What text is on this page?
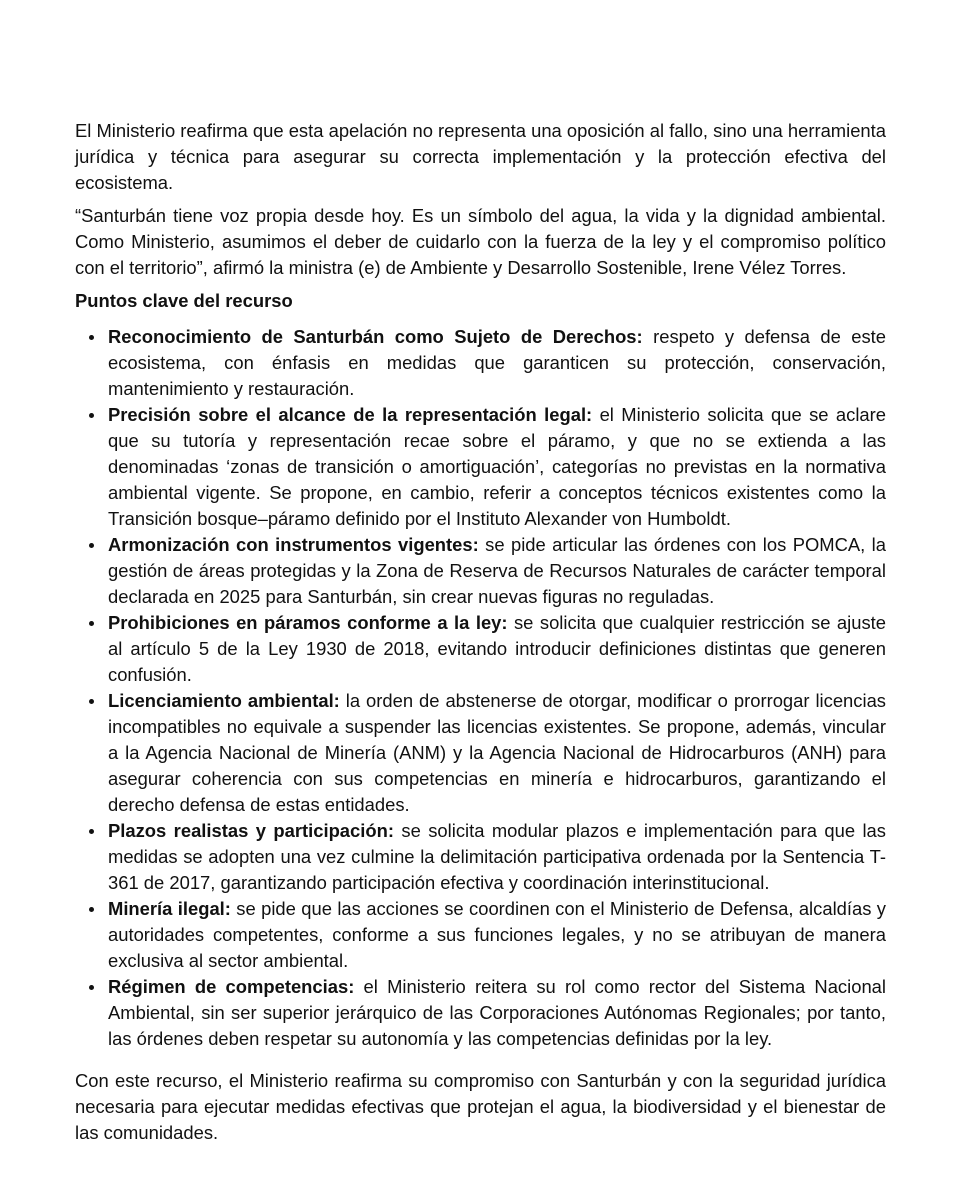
El Ministerio reafirma que esta apelación no representa una oposición al fallo, sino una herramienta jurídica y técnica para asegurar su correcta implementación y la protección efectiva del ecosistema.

“Santurbán tiene voz propia desde hoy. Es un símbolo del agua, la vida y la dignidad ambiental. Como Ministerio, asumimos el deber de cuidarlo con la fuerza de la ley y el compromiso político con el territorio”, afirmó la ministra (e) de Ambiente y Desarrollo Sostenible, Irene Vélez Torres.

Puntos clave del recurso
Reconocimiento de Santurbán como Sujeto de Derechos: respeto y defensa de este ecosistema, con énfasis en medidas que garanticen su protección, conservación, mantenimiento y restauración.
Precisión sobre el alcance de la representación legal: el Ministerio solicita que se aclare que su tutoría y representación recae sobre el páramo, y que no se extienda a las denominadas ‘zonas de transición o amortiguación’, categorías no previstas en la normativa ambiental vigente. Se propone, en cambio, referir a conceptos técnicos existentes como la Transición bosque–páramo definido por el Instituto Alexander von Humboldt.
Armonización con instrumentos vigentes: se pide articular las órdenes con los POMCA, la gestión de áreas protegidas y la Zona de Reserva de Recursos Naturales de carácter temporal declarada en 2025 para Santurbán, sin crear nuevas figuras no reguladas.
Prohibiciones en páramos conforme a la ley: se solicita que cualquier restricción se ajuste al artículo 5 de la Ley 1930 de 2018, evitando introducir definiciones distintas que generen confusión.
Licenciamiento ambiental: la orden de abstenerse de otorgar, modificar o prorrogar licencias incompatibles no equivale a suspender las licencias existentes. Se propone, además, vincular a la Agencia Nacional de Minería (ANM) y la Agencia Nacional de Hidrocarburos (ANH) para asegurar coherencia con sus competencias en minería e hidrocarburos, garantizando el derecho defensa de estas entidades.
Plazos realistas y participación: se solicita modular plazos e implementación para que las medidas se adopten una vez culmine la delimitación participativa ordenada por la Sentencia T-361 de 2017, garantizando participación efectiva y coordinación interinstitucional.
Minería ilegal: se pide que las acciones se coordinen con el Ministerio de Defensa, alcaldías y autoridades competentes, conforme a sus funciones legales, y no se atribuyan de manera exclusiva al sector ambiental.
Régimen de competencias: el Ministerio reitera su rol como rector del Sistema Nacional Ambiental, sin ser superior jerárquico de las Corporaciones Autónomas Regionales; por tanto, las órdenes deben respetar su autonomía y las competencias definidas por la ley.

Con este recurso, el Ministerio reafirma su compromiso con Santurbán y con la seguridad jurídica necesaria para ejecutar medidas efectivas que protejan el agua, la biodiversidad y el bienestar de las comunidades.
